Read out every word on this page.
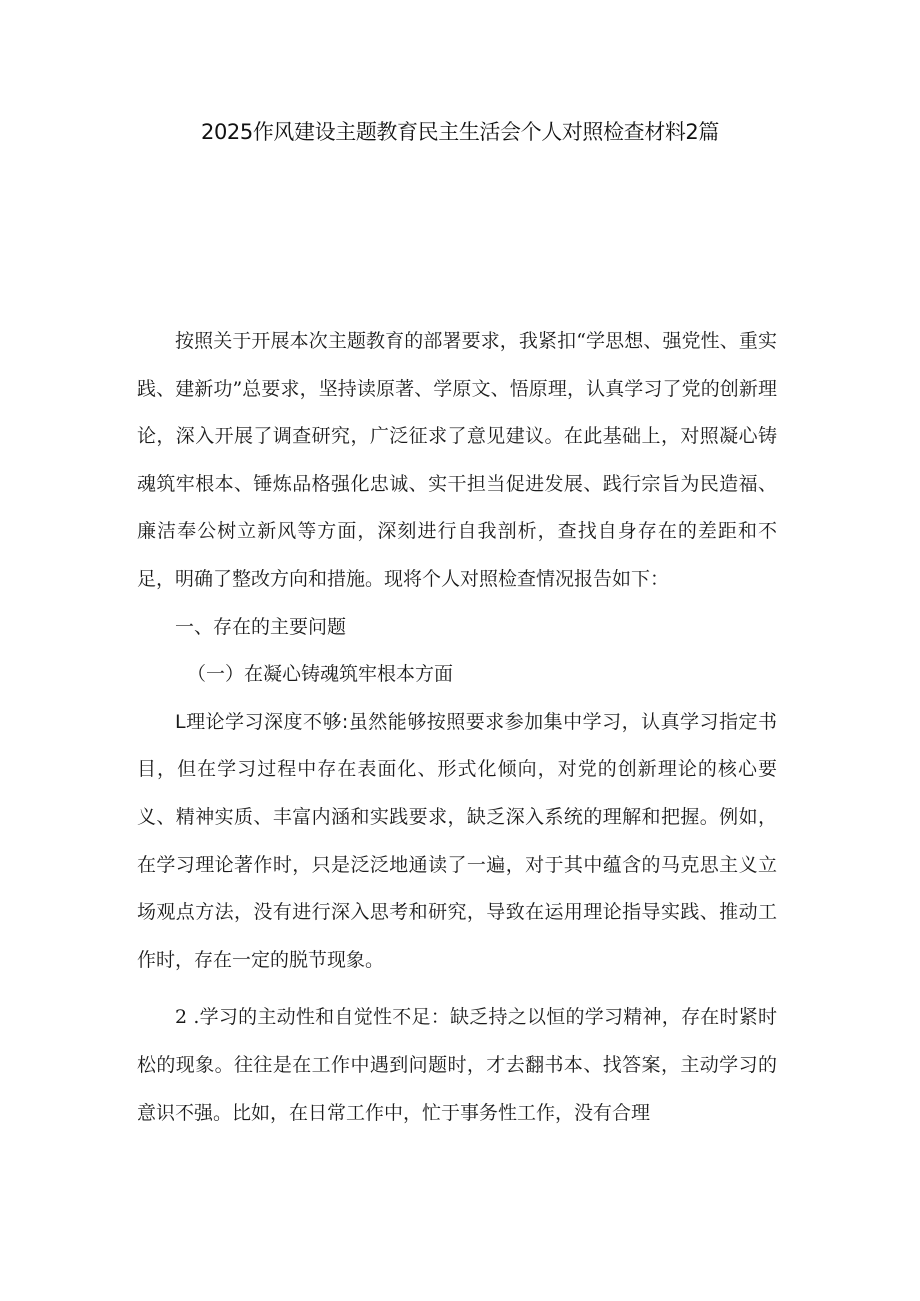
2025作风建设主题教育民主生活会个人对照检查材料2篇

按照关于开展本次主题教育的部署要求，我紧扣“学思想、强党性、重实践、建新功”总要求，坚持读原著、学原文、悟原理，认真学习了党的创新理论，深入开展了调查研究，广泛征求了意见建议。在此基础上，对照凝心铸魂筑牢根本、锤炼品格强化忠诚、实干担当促进发展、践行宗旨为民造福、廉洁奉公树立新风等方面，深刻进行自我剖析，查找自身存在的差距和不足，明确了整改方向和措施。现将个人对照检查情况报告如下：

一、存在的主要问题

（一）在凝心铸魂筑牢根本方面

L理论学习深度不够:虽然能够按照要求参加集中学习，认真学习指定书目，但在学习过程中存在表面化、形式化倾向，对党的创新理论的核心要义、精神实质、丰富内涵和实践要求，缺乏深入系统的理解和把握。例如，在学习理论著作时，只是泛泛地通读了一遍，对于其中蕴含的马克思主义立场观点方法，没有进行深入思考和研究，导致在运用理论指导实践、推动工作时，存在一定的脱节现象。

2 .学习的主动性和自觉性不足：缺乏持之以恒的学习精神，存在时紧时松的现象。往往是在工作中遇到问题时，才去翻书本、找答案，主动学习的意识不强。比如，在日常工作中，忙于事务性工作，没有合理
